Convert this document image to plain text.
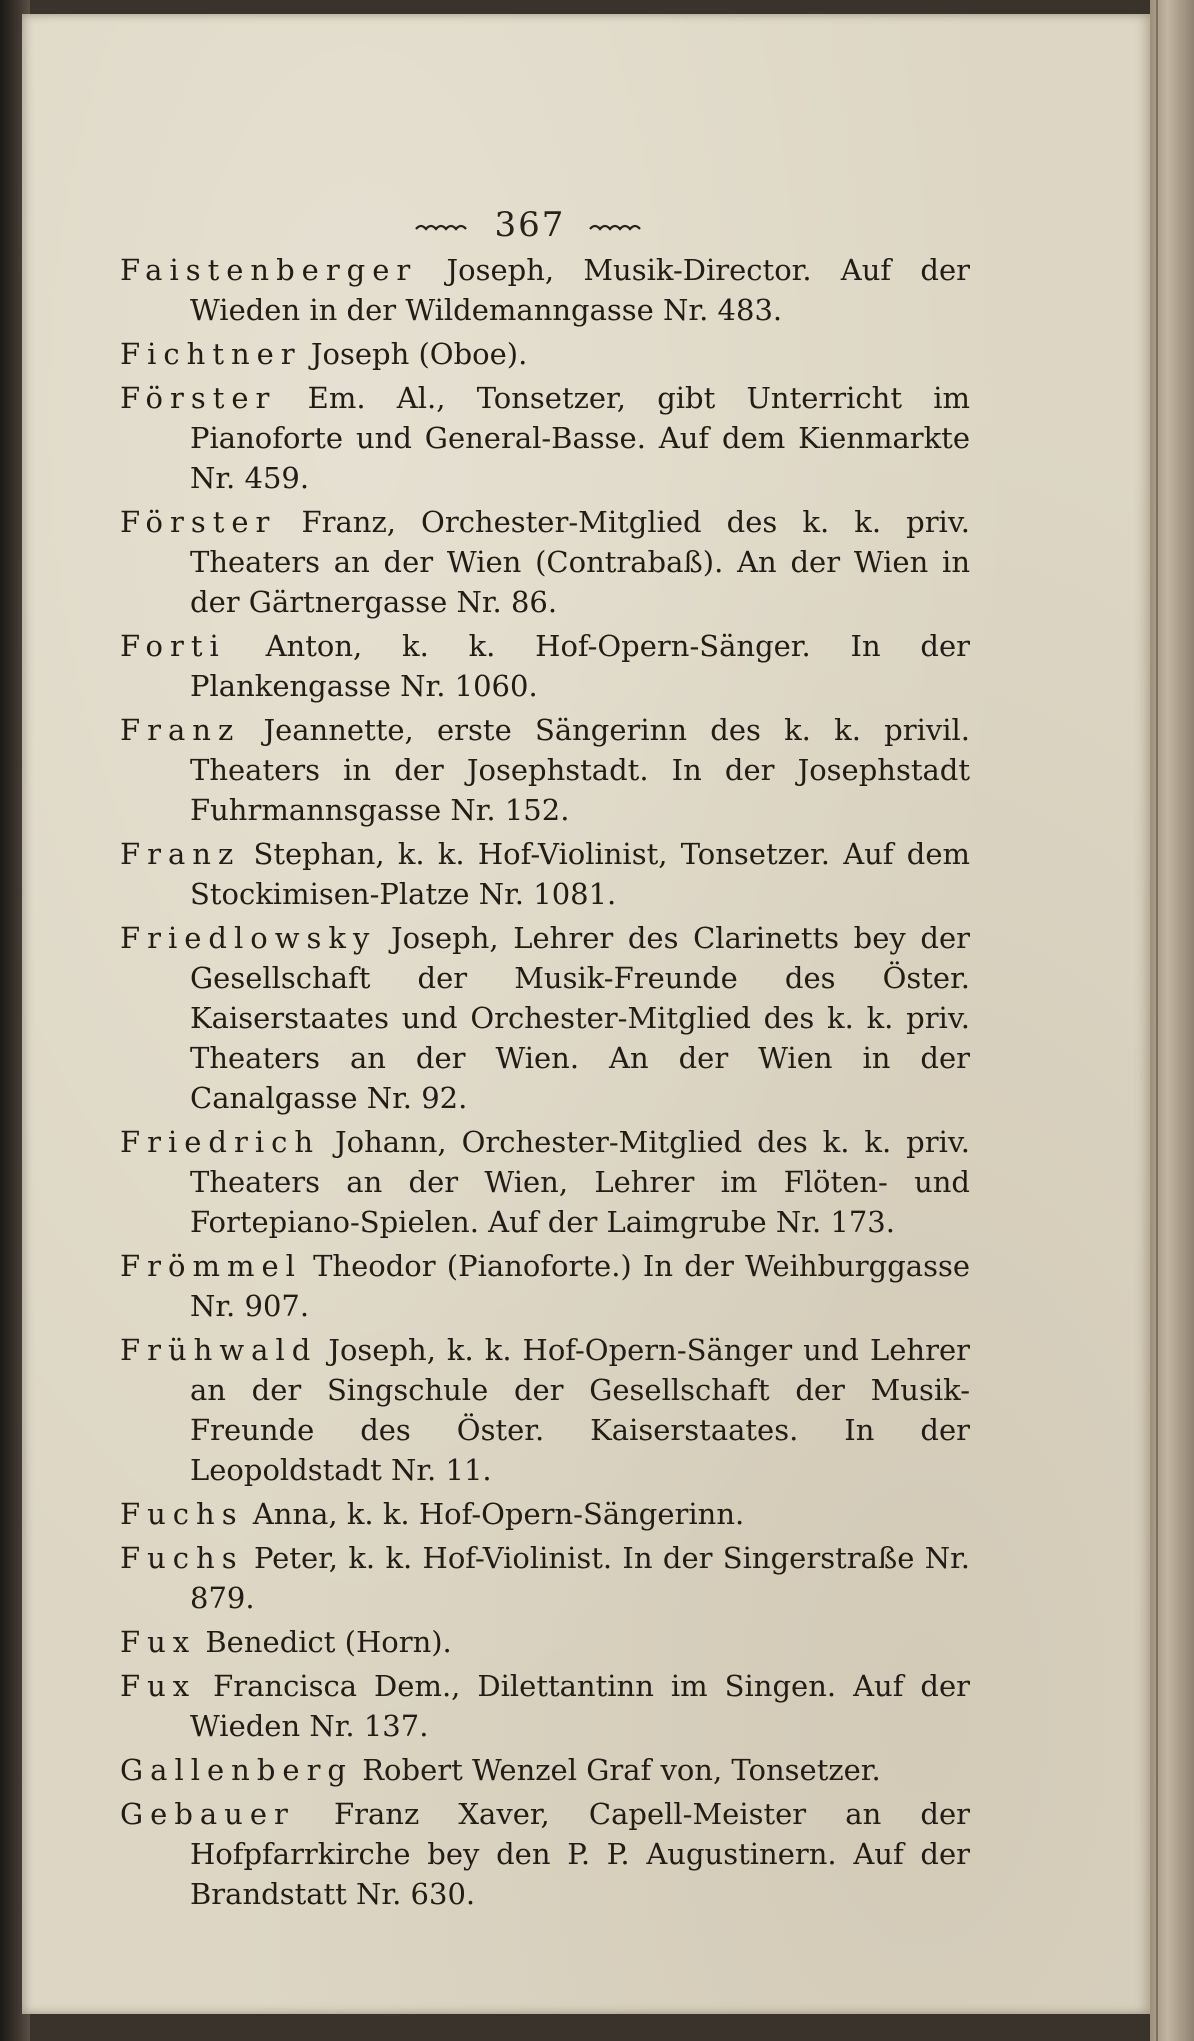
367
Faistenberger Joseph, Musik-Director. Auf der Wieden in der Wildemanngasse Nr. 483.
Fichtner Joseph (Oboe).
Förster Em. Al., Tonsetzer, gibt Unterricht im Pianoforte und General-Basse. Auf dem Kienmarkte Nr. 459.
Förster Franz, Orchester-Mitglied des k. k. priv. Theaters an der Wien (Contrabaß). An der Wien in der Gärtnergasse Nr. 86.
Forti Anton, k. k. Hof-Opern-Sänger. In der Plankengasse Nr. 1060.
Franz Jeannette, erste Sängerinn des k. k. privil. Theaters in der Josephstadt. In der Josephstadt Fuhrmannsgasse Nr. 152.
Franz Stephan, k. k. Hof-Violinist, Tonsetzer. Auf dem Stockimisen-Platze Nr. 1081.
Friedlowsky Joseph, Lehrer des Clarinetts bey der Gesellschaft der Musik-Freunde des Öster. Kaiserstaates und Orchester-Mitglied des k. k. priv. Theaters an der Wien. An der Wien in der Canalgasse Nr. 92.
Friedrich Johann, Orchester-Mitglied des k. k. priv. Theaters an der Wien, Lehrer im Flöten- und Fortepiano-Spielen. Auf der Laimgrube Nr. 173.
Frömmel Theodor (Pianoforte.) In der Weihburggasse Nr. 907.
Frühwald Joseph, k. k. Hof-Opern-Sänger und Lehrer an der Singschule der Gesellschaft der Musik-Freunde des Öster. Kaiserstaates. In der Leopoldstadt Nr. 11.
Fuchs Anna, k. k. Hof-Opern-Sängerinn.
Fuchs Peter, k. k. Hof-Violinist. In der Singerstraße Nr. 879.
Fux Benedict (Horn).
Fux Francisca Dem., Dilettantinn im Singen. Auf der Wieden Nr. 137.
Gallenberg Robert Wenzel Graf von, Tonsetzer.
Gebauer Franz Xaver, Capell-Meister an der Hofpfarrkirche bey den P. P. Augustinern. Auf der Brandstatt Nr. 630.
